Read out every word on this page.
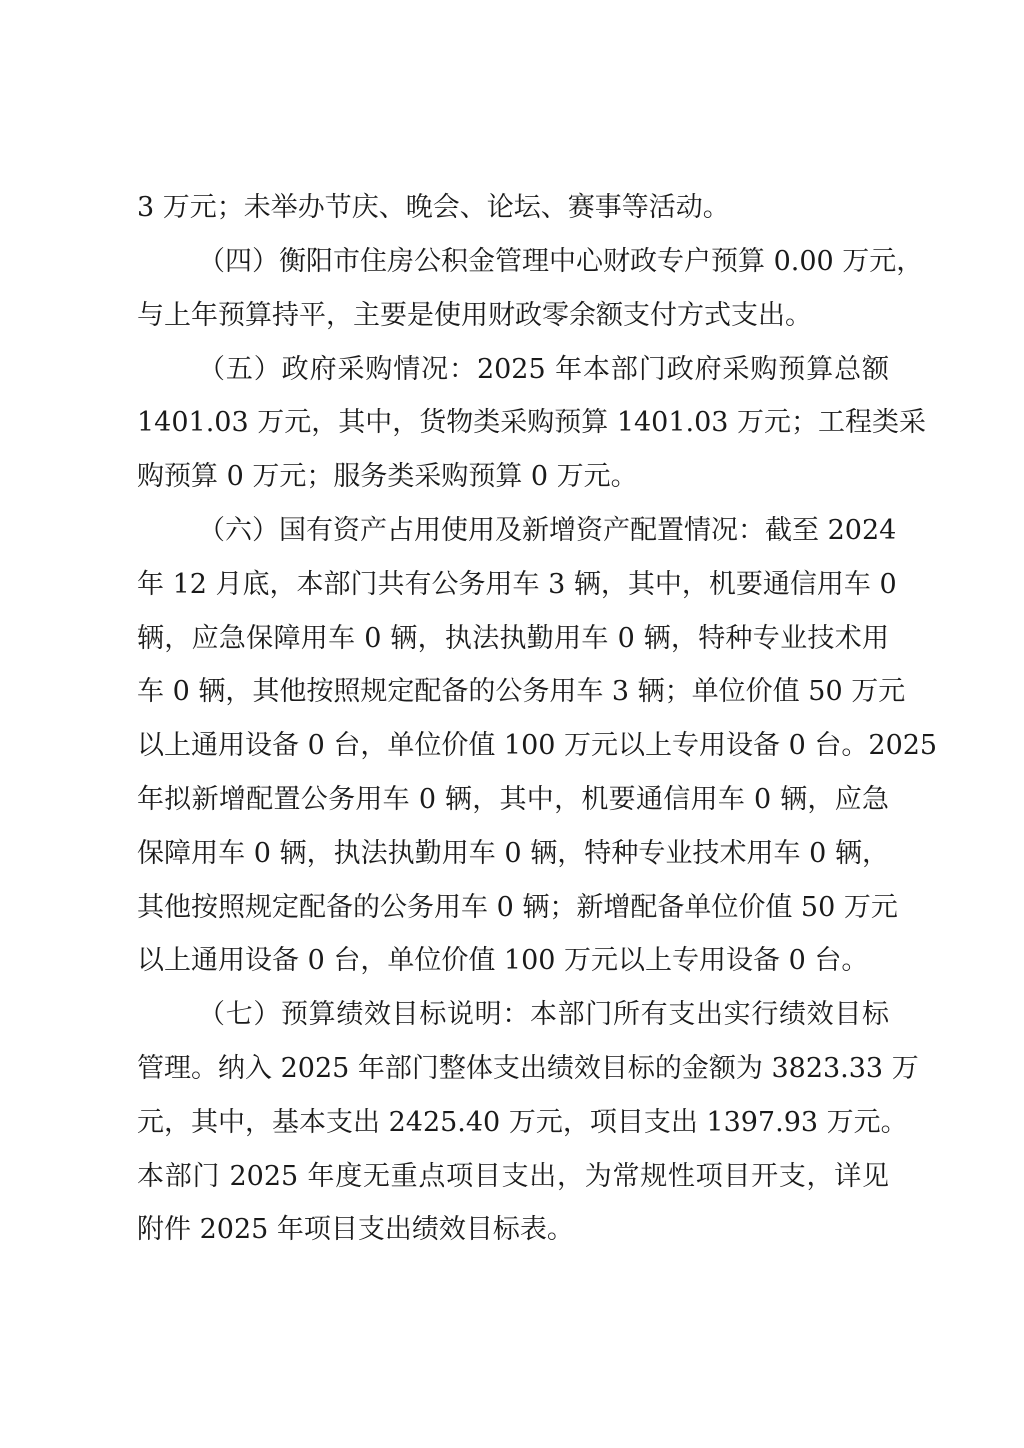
3 万元；未举办节庆、晚会、论坛、赛事等活动。
（四）衡阳市住房公积金管理中心财政专户预算 0.00 万元，
与上年预算持平，主要是使用财政零余额支付方式支出。
（五）政府采购情况：2025 年本部门政府采购预算总额
1401.03 万元，其中，货物类采购预算 1401.03 万元；工程类采
购预算 0 万元；服务类采购预算 0 万元。
（六）国有资产占用使用及新增资产配置情况：截至 2024
年 12 月底，本部门共有公务用车 3 辆，其中，机要通信用车 0
辆，应急保障用车 0 辆，执法执勤用车 0 辆，特种专业技术用
车 0 辆，其他按照规定配备的公务用车 3 辆；单位价值 50 万元
以上通用设备 0 台，单位价值 100 万元以上专用设备 0 台。2025
年拟新增配置公务用车 0 辆，其中，机要通信用车 0 辆，应急
保障用车 0 辆，执法执勤用车 0 辆，特种专业技术用车 0 辆，
其他按照规定配备的公务用车 0 辆；新增配备单位价值 50 万元
以上通用设备 0 台，单位价值 100 万元以上专用设备 0 台。
（七）预算绩效目标说明：本部门所有支出实行绩效目标
管理。纳入 2025 年部门整体支出绩效目标的金额为 3823.33 万
元，其中，基本支出 2425.40 万元，项目支出 1397.93 万元。
本部门 2025 年度无重点项目支出，为常规性项目开支，详见
附件 2025 年项目支出绩效目标表。
